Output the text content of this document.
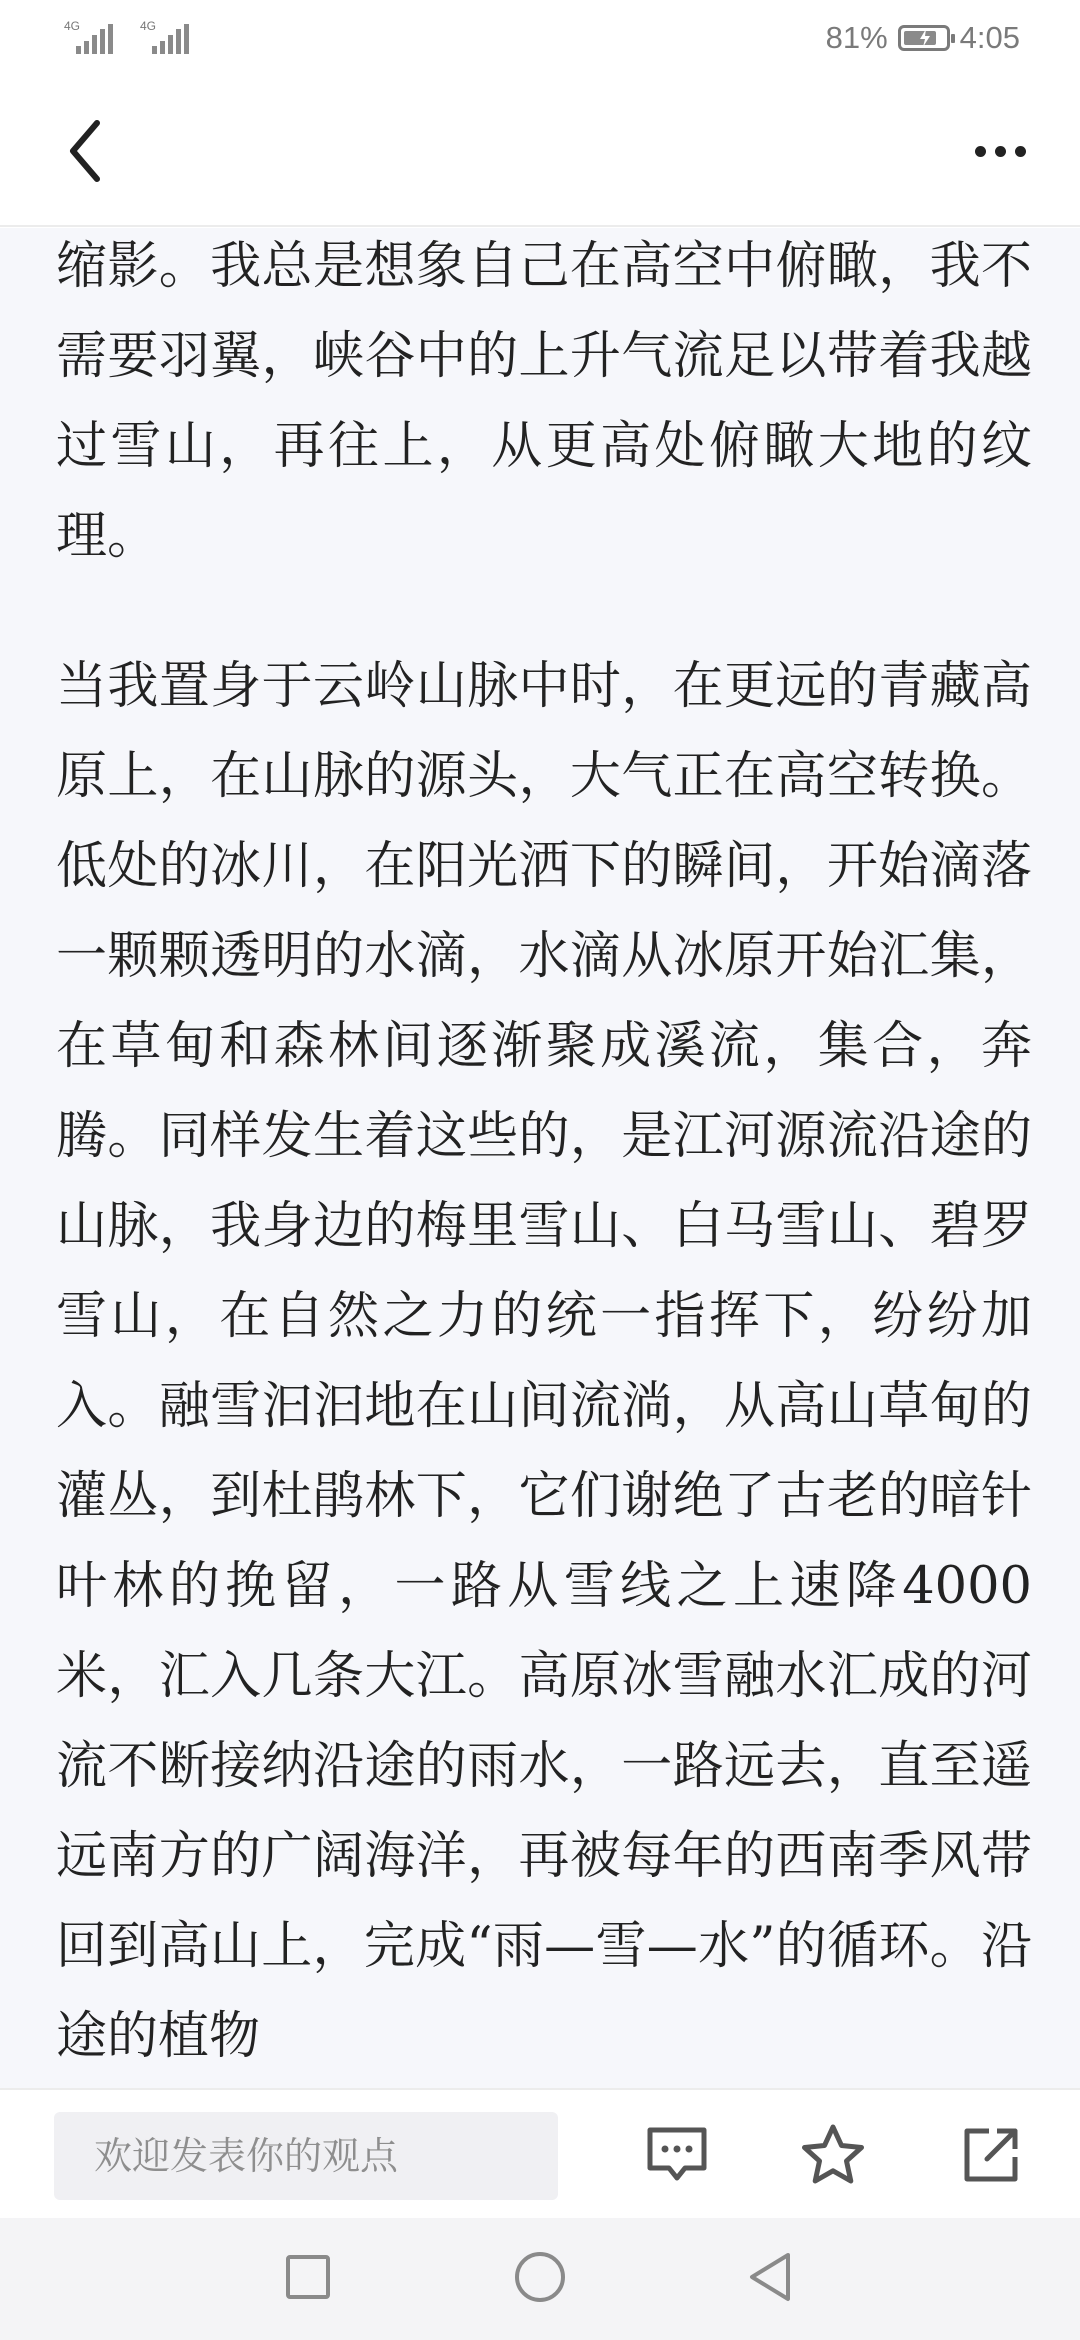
4G	4G	81% 4:05

缩影。我总是想象自己在高空中俯瞰，我不需要羽翼，峡谷中的上升气流足以带着我越过雪山，再往上，从更高处俯瞰大地的纹理。

当我置身于云岭山脉中时，在更远的青藏高原上，在山脉的源头，大气正在高空转换。低处的冰川，在阳光洒下的瞬间，开始滴落一颗颗透明的水滴，水滴从冰原开始汇集，在草甸和森林间逐渐聚成溪流，集合，奔腾。同样发生着这些的，是江河源流沿途的山脉，我身边的梅里雪山、白马雪山、碧罗雪山，在自然之力的统一指挥下，纷纷加入。融雪汩汩地在山间流淌，从高山草甸的灌丛，到杜鹃林下，它们谢绝了古老的暗针叶林的挽留，一路从雪线之上速降4000米，汇入几条大江。高原冰雪融水汇成的河流不断接纳沿途的雨水，一路远去，直至遥远南方的广阔海洋，再被每年的西南季风带回到高山上，完成“雨—雪—水”的循环。沿途的植物

欢迎发表你的观点
